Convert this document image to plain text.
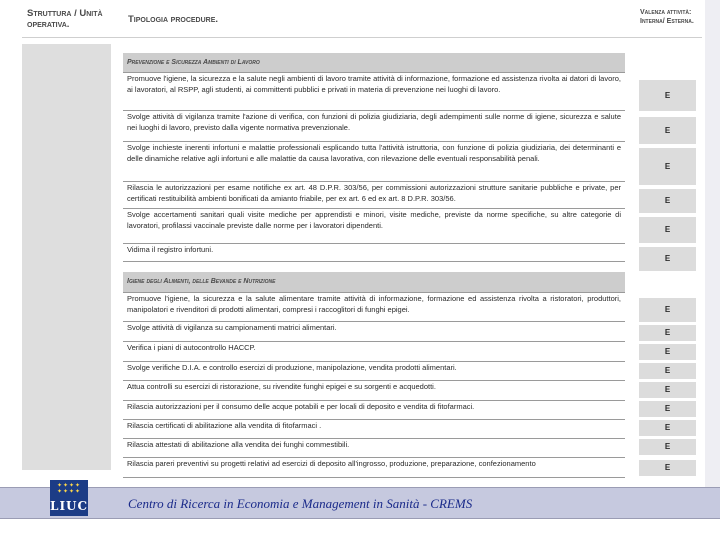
Struttura / Unità
operativa.	Tipologia procedure.
Valenza attività:
Interna/ Esterna.
Prevenzione e Sicurezza Ambienti di Lavoro
Promuove l'igiene, la sicurezza e la salute negli ambienti di lavoro tramite attività di informazione, formazione ed assistenza rivolta ai datori di lavoro, ai lavoratori, al RSPP, agli studenti, ai committenti pubblici e privati in materia di prevenzione nei luoghi di lavoro.
Svolge attività di vigilanza tramite l'azione di verifica, con funzioni di polizia giudiziaria, degli adempimenti sulle norme di igiene, sicurezza e salute nei luoghi di lavoro, previsto dalla vigente normativa prevenzionale.
Svolge inchieste inerenti infortuni e malattie professionali esplicando tutta l'attività istruttoria, con funzione di polizia giudiziaria, dei determinanti e delle dinamiche relative agli infortuni e alle malattie da causa lavorativa, con rilevazione delle eventuali responsabilità penali.
Rilascia le autorizzazioni per esame notifiche ex art. 48 D.P.R. 303/56, per commissioni autorizzazioni strutture sanitarie pubbliche e private, per certificati restituibilità ambienti bonificati da amianto friabile, per ex art. 6 ed ex art. 8 D.P.R. 303/56.
Svolge accertamenti sanitari quali visite mediche per apprendisti e minori, visite mediche, previste da norme specifiche, su altre categorie di lavoratori, profilassi vaccinale previste dalle norme per i lavoratori dipendenti.
Vidima il registro infortuni.
Igiene degli Alimenti, delle Bevande e Nutrizione
Promuove l'igiene, la sicurezza e la salute alimentare tramite attività di informazione, formazione ed assistenza rivolta a ristoratori, produttori, manipolatori e rivenditori di prodotti alimentari, compresi i raccoglitori di funghi epigei.
Svolge attività di vigilanza su campionamenti matrici alimentari.
Verifica i piani di autocontrollo HACCP.
Svolge verifiche D.I.A. e controllo esercizi di produzione, manipolazione, vendita prodotti alimentari.
Attua controlli su esercizi di ristorazione, su rivendite funghi epigei e su sorgenti e acquedotti.
Rilascia autorizzazioni per il consumo delle acque potabili e per locali di deposito e vendita di fitofarmaci.
Rilascia certificati di abilitazione alla vendita di fitofarmaci .
Rilascia attestati di abilitazione alla vendita dei funghi commestibili.
Rilascia pareri preventivi su progetti relativi ad esercizi di deposito all'ingrosso, produzione, preparazione, confezionamento
E
E
E
E
E
E
E
E
E
E
E
E
E
E
E
✦✦✦✦
✦✦✦✦
LIUC	Centro di Ricerca in Economia e Management in Sanità - CREMS
